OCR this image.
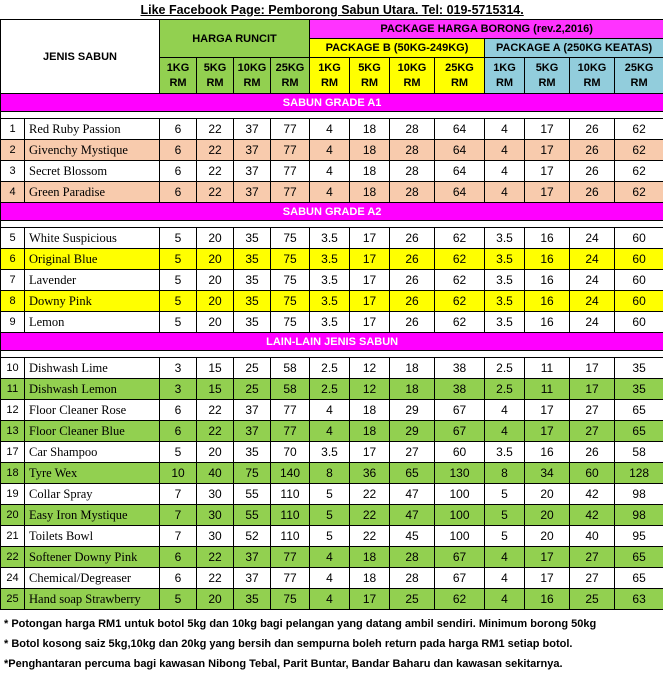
Like Facebook Page: Pemborong Sabun Utara. Tel: 019-5715314.													
JENIS SABUN		HARGA RUNCIT				PACKAGE HARGA BORONG (rev.2,2016)							
						PACKAGE B (50KG-249KG)				PACKAGE A (250KG KEATAS)			
		1KG
RM	5KG
RM	10KG
RM	25KG
RM	1KG
RM	5KG
RM	10KG
RM	25KG
RM	1KG
RM	5KG
RM	10KG
RM	25KG
RM
SABUN GRADE A1													

1	Red Ruby Passion	6	22	37	77	4	18	28	64	4	17	26	62
2	Givenchy Mystique	6	22	37	77	4	18	28	64	4	17	26	62
3	Secret Blossom	6	22	37	77	4	18	28	64	4	17	26	62
4	Green Paradise	6	22	37	77	4	18	28	64	4	17	26	62
SABUN GRADE A2													

5	White Suspicious	5	20	35	75	3.5	17	26	62	3.5	16	24	60
6	Original Blue	5	20	35	75	3.5	17	26	62	3.5	16	24	60
7	Lavender	5	20	35	75	3.5	17	26	62	3.5	16	24	60
8	Downy Pink	5	20	35	75	3.5	17	26	62	3.5	16	24	60
9	Lemon	5	20	35	75	3.5	17	26	62	3.5	16	24	60
LAIN-LAIN JENIS SABUN													

10	Dishwash Lime	3	15	25	58	2.5	12	18	38	2.5	11	17	35
11	Dishwash Lemon	3	15	25	58	2.5	12	18	38	2.5	11	17	35
12	Floor Cleaner Rose	6	22	37	77	4	18	29	67	4	17	27	65
13	Floor Cleaner Blue	6	22	37	77	4	18	29	67	4	17	27	65
17	Car Shampoo	5	20	35	70	3.5	17	27	60	3.5	16	26	58
18	Tyre Wex	10	40	75	140	8	36	65	130	8	34	60	128
19	Collar Spray	7	30	55	110	5	22	47	100	5	20	42	98
20	Easy Iron Mystique	7	30	55	110	5	22	47	100	5	20	42	98
21	Toilets Bowl	7	30	52	110	5	22	45	100	5	20	40	95
22	Softener Downy Pink	6	22	37	77	4	18	28	67	4	17	27	65
24	Chemical/Degreaser	6	22	37	77	4	18	28	67	4	17	27	65
25	Hand soap Strawberry	5	20	35	75	4	17	25	62	4	16	25	63
* Potongan harga RM1 untuk botol 5kg dan 10kg bagi pelangan yang datang ambil sendiri. Minimum borong 50kg
* Botol kosong saiz 5kg,10kg dan 20kg yang bersih dan sempurna boleh return pada harga RM1 setiap botol.
*Penghantaran percuma bagi kawasan Nibong Tebal, Parit Buntar, Bandar Baharu dan kawasan sekitarnya.
